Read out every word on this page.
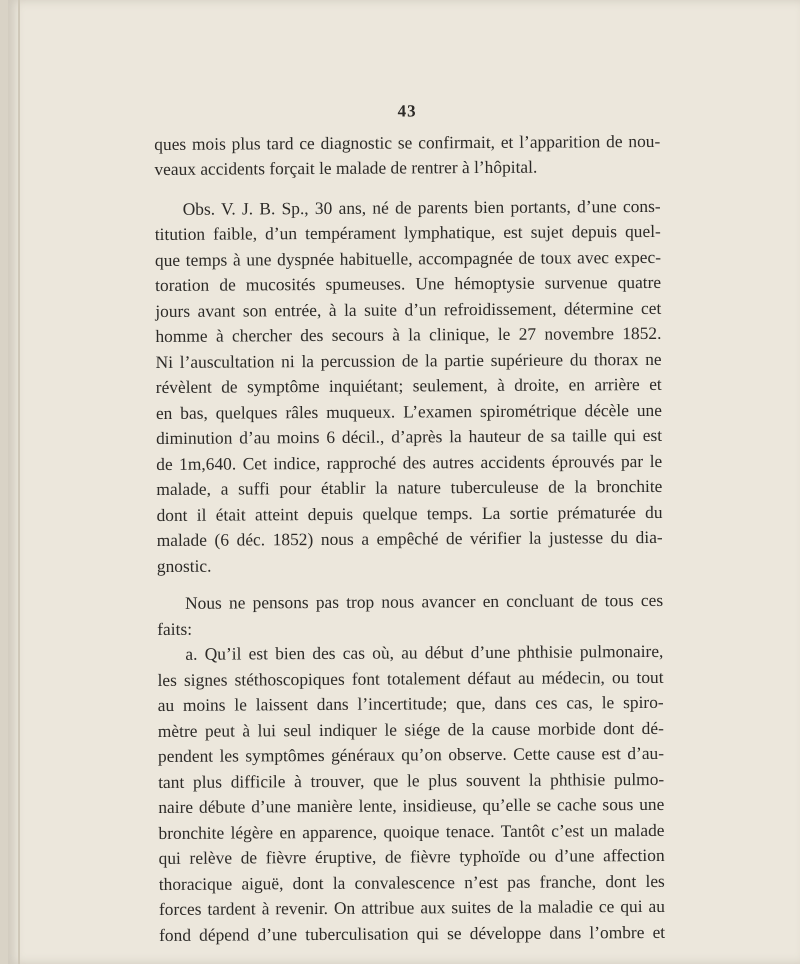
43

ques mois plus tard ce diagnostic se confirmait, et l’apparition de nou-
veaux accidents forçait le malade de rentrer à l’hôpital.

Obs. V. J. B. Sp., 30 ans, né de parents bien portants, d’une cons-
titution faible, d’un tempérament lymphatique, est sujet depuis quel-
que temps à une dyspnée habituelle, accompagnée de toux avec expec-
toration de mucosités spumeuses. Une hémoptysie survenue quatre
jours avant son entrée, à la suite d’un refroidissement, détermine cet
homme à chercher des secours à la clinique, le 27 novembre 1852.
Ni l’auscultation ni la percussion de la partie supérieure du thorax ne
révèlent de symptôme inquiétant; seulement, à droite, en arrière et
en bas, quelques râles muqueux. L’examen spirométrique décèle une
diminution d’au moins 6 décil., d’après la hauteur de sa taille qui est
de 1m,640. Cet indice, rapproché des autres accidents éprouvés par le
malade, a suffi pour établir la nature tuberculeuse de la bronchite
dont il était atteint depuis quelque temps. La sortie prématurée du
malade (6 déc. 1852) nous a empêché de vérifier la justesse du dia-
gnostic.

Nous ne pensons pas trop nous avancer en concluant de tous ces
faits:

a. Qu’il est bien des cas où, au début d’une phthisie pulmonaire,
les signes stéthoscopiques font totalement défaut au médecin, ou tout
au moins le laissent dans l’incertitude; que, dans ces cas, le spiro-
mètre peut à lui seul indiquer le siége de la cause morbide dont dé-
pendent les symptômes généraux qu’on observe. Cette cause est d’au-
tant plus difficile à trouver, que le plus souvent la phthisie pulmo-
naire débute d’une manière lente, insidieuse, qu’elle se cache sous une
bronchite légère en apparence, quoique tenace. Tantôt c’est un malade
qui relève de fièvre éruptive, de fièvre typhoïde ou d’une affection
thoracique aiguë, dont la convalescence n’est pas franche, dont les
forces tardent à revenir. On attribue aux suites de la maladie ce qui au
fond dépend d’une tuberculisation qui se développe dans l’ombre et
